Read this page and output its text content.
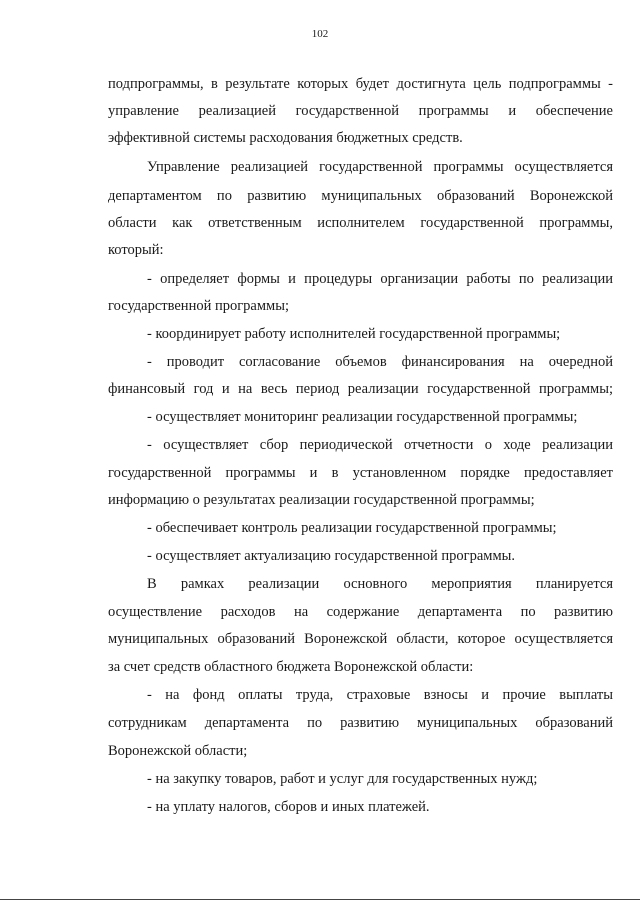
102
подпрограммы, в результате которых будет достигнута цель подпрограммы -
управление реализацией государственной программы и обеспечение
эффективной системы расходования бюджетных средств.
Управление реализацией государственной программы осуществляется
департаментом по развитию муниципальных образований Воронежской
области как ответственным исполнителем государственной программы,
который:
- определяет формы и процедуры организации работы по реализации
государственной программы;
- координирует работу исполнителей государственной программы;
- проводит согласование объемов финансирования на очередной
финансовый год и на весь период реализации государственной программы;
- осуществляет мониторинг реализации государственной программы;
- осуществляет сбор периодической отчетности о ходе реализации
государственной программы и в установленном порядке предоставляет
информацию о результатах реализации государственной программы;
- обеспечивает контроль реализации государственной программы;
- осуществляет актуализацию государственной программы.
В рамках реализации основного мероприятия планируется
осуществление расходов на содержание департамента по развитию
муниципальных образований Воронежской области, которое осуществляется
за счет средств областного бюджета Воронежской области:
- на фонд оплаты труда, страховые взносы и прочие выплаты
сотрудникам департамента по развитию муниципальных образований
Воронежской области;
- на закупку товаров, работ и услуг для государственных нужд;
- на уплату налогов, сборов и иных платежей.
